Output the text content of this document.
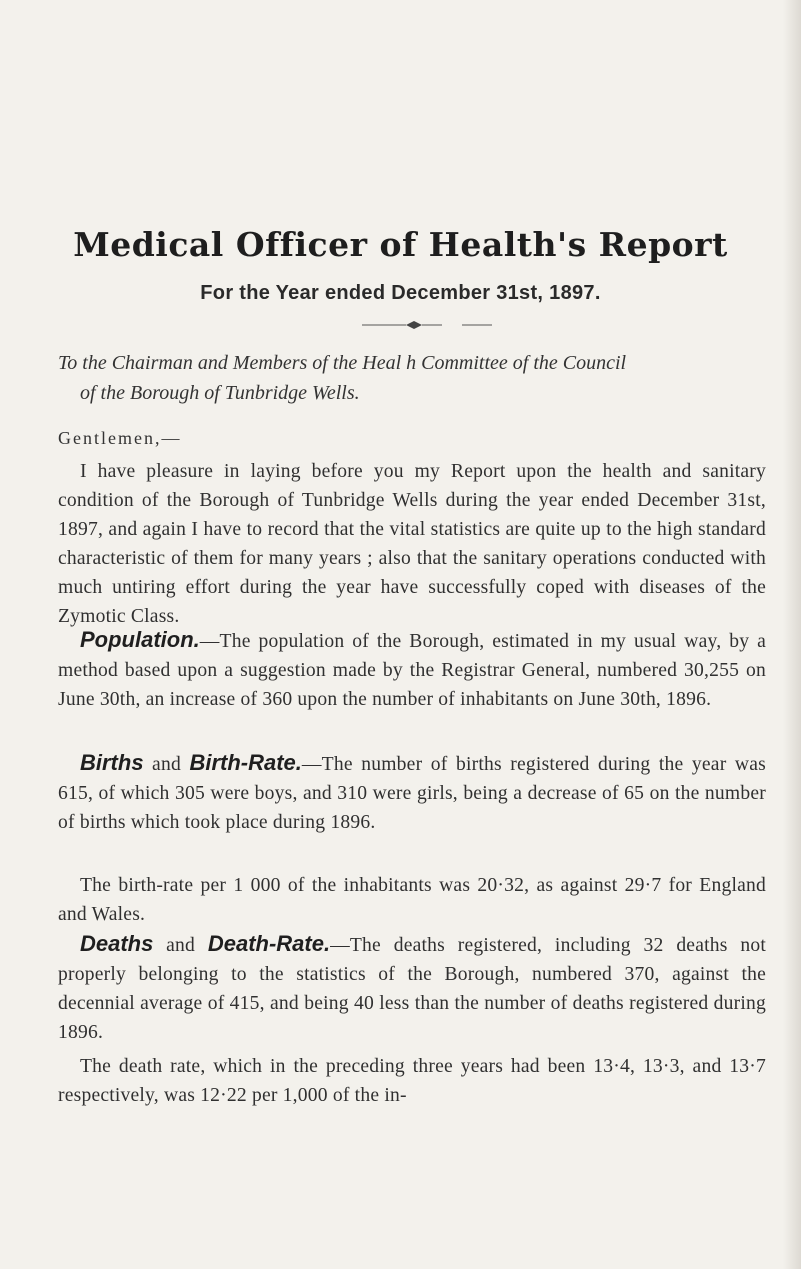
Medical Officer of Health's Report
For the Year ended December 31st, 1897.
To the Chairman and Members of the Heal h Committee of the Council
of the Borough of Tunbridge Wells.
Gentlemen,—
I have pleasure in laying before you my Report upon the health and sanitary condition of the Borough of Tunbridge Wells during the year ended December 31st, 1897, and again I have to record that the vital statistics are quite up to the high standard characteristic of them for many years ; also that the sanitary operations conducted with much untiring effort during the year have successfully coped with diseases of the Zymotic Class.
Population.—The population of the Borough, estimated in my usual way, by a method based upon a suggestion made by the Registrar General, numbered 30,255 on June 30th, an increase of 360 upon the number of inhabitants on June 30th, 1896.
Births and Birth-Rate.—The number of births registered during the year was 615, of which 305 were boys, and 310 were girls, being a decrease of 65 on the number of births which took place during 1896.
The birth-rate per 1 000 of the inhabitants was 20·32, as against 29·7 for England and Wales.
Deaths and Death-Rate.—The deaths registered, including 32 deaths not properly belonging to the statistics of the Borough, numbered 370, against the decennial average of 415, and being 40 less than the number of deaths registered during 1896.
The death rate, which in the preceding three years had been 13·4, 13·3, and 13·7 respectively, was 12·22 per 1,000 of the in-
